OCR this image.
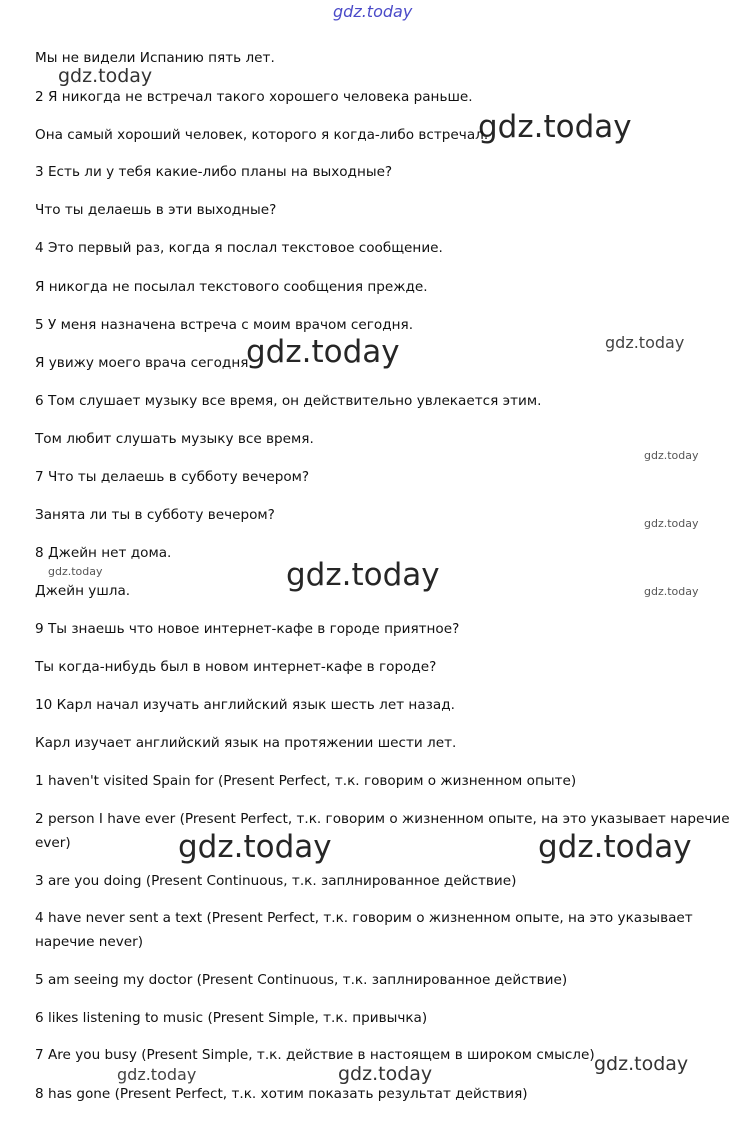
gdz.today
gdz.today
gdz.today
gdz.today	gdz.today
gdz.today
gdz.today
gdz.today	gdz.today	gdz.today
gdz.today	gdz.today
gdz.today
gdz.today	gdz.today
Мы не видели Испанию пять лет.
2 Я никогда не встречал такого хорошего человека раньше.
Она самый хороший человек, которого я когда-либо встречал.
3 Есть ли у тебя какие-либо планы на выходные?
Что ты делаешь в эти выходные?
4 Это первый раз, когда я послал текстовое сообщение.
Я никогда не посылал текстового сообщения прежде.
5 У меня назначена встреча с моим врачом сегодня.
Я увижу моего врача сегодня.
6 Том слушает музыку все время, он действительно увлекается этим.
Том любит слушать музыку все время.
7 Что ты делаешь в субботу вечером?
Занята ли ты в субботу вечером?
8 Джейн нет дома.
Джейн ушла.
9 Ты знаешь что новое интернет-кафе в городе приятное?
Ты когда-нибудь был в новом интернет-кафе в городе?
10 Карл начал изучать английский язык шесть лет назад.
Карл изучает английский язык на протяжении шести лет.
1 haven't visited Spain for (Present Perfect, т.к. говорим о жизненном опыте)
2 person I have ever (Present Perfect, т.к. говорим о жизненном опыте, на это указывает наречие ever)
3 are you doing (Present Continuous, т.к. заплнированное действие)
4 have never sent a text (Present Perfect, т.к. говорим о жизненном опыте, на это указывает наречие never)
5 am seeing my doctor (Present Continuous, т.к. заплнированное действие)
6 likes listening to music (Present Simple, т.к. привычка)
7 Are you busy (Present Simple, т.к. действие в настоящем в широком смысле)
8 has gone (Present Perfect, т.к. хотим показать результат действия)
